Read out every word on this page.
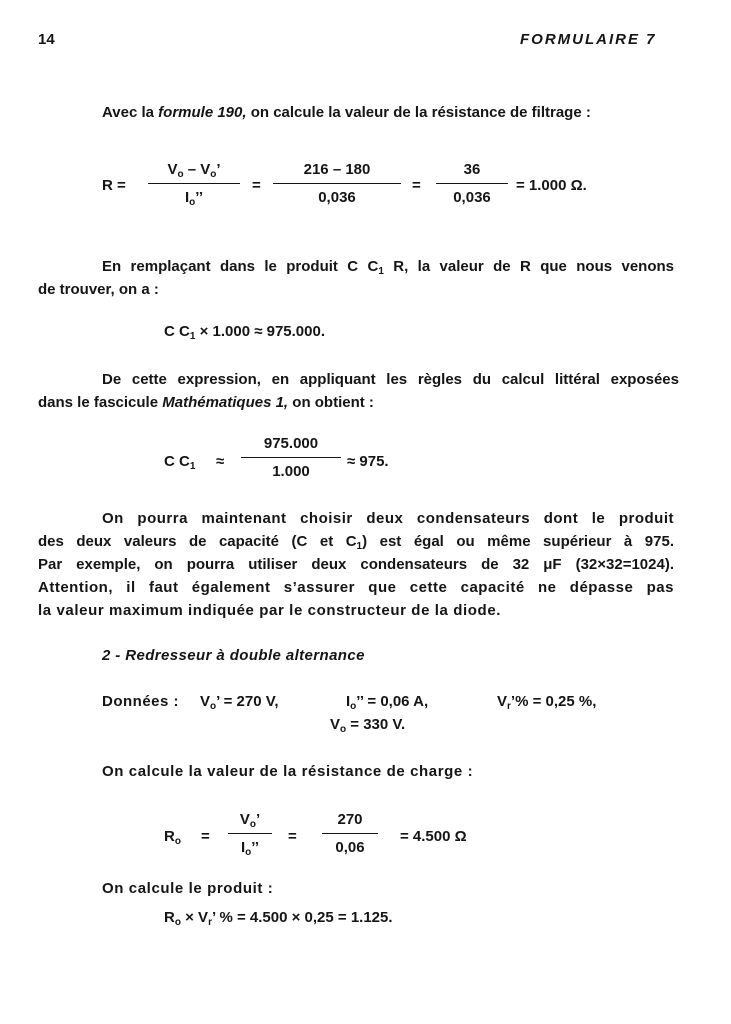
14	FORMULAIRE 7
Avec la formule 190, on calcule la valeur de la résistance de filtrage :
R =
$V_o - V_o$’
$I_o$’’
=
216 – 180
0,036
=
36
0,036
= 1.000 Ω.
En remplaçant dans le produit C $C_1$ R, la valeur de R que nous venons
de trouver, on a :
C $C_1 \times 1.000 \approx 975.000$.
De cette expression, en appliquant les règles du calcul littéral exposées
dans le fascicule Mathématiques 1, on obtient :
C $C_1$ ≈
975.000
1.000
≈ 975.
On pourra maintenant choisir deux condensateurs dont le produit
des deux valeurs de capacité (C et $C_1$) est égal ou même supérieur à 975.
Par exemple, on pourra utiliser deux condensateurs de 32 μF (32×32=1024).
Attention, il faut également s’assurer que cette capacité ne dépasse pas
la valeur maximum indiquée par le constructeur de la diode.
2 - Redresseur à double alternance
Données : $V_o$’ = 270 V,	$I_o$’’ = 0,06 A,	$V_r’\% = 0,25$ %,
$V_o = 330$ V.
On calcule la valeur de la résistance de charge :
$R_o$ =
$V_o$’
$I_o$’’
=
270
0,06
= 4.500 Ω
On calcule le produit :
$R_o \times V_r$’ % = 4.500 × 0,25 = 1.125.
